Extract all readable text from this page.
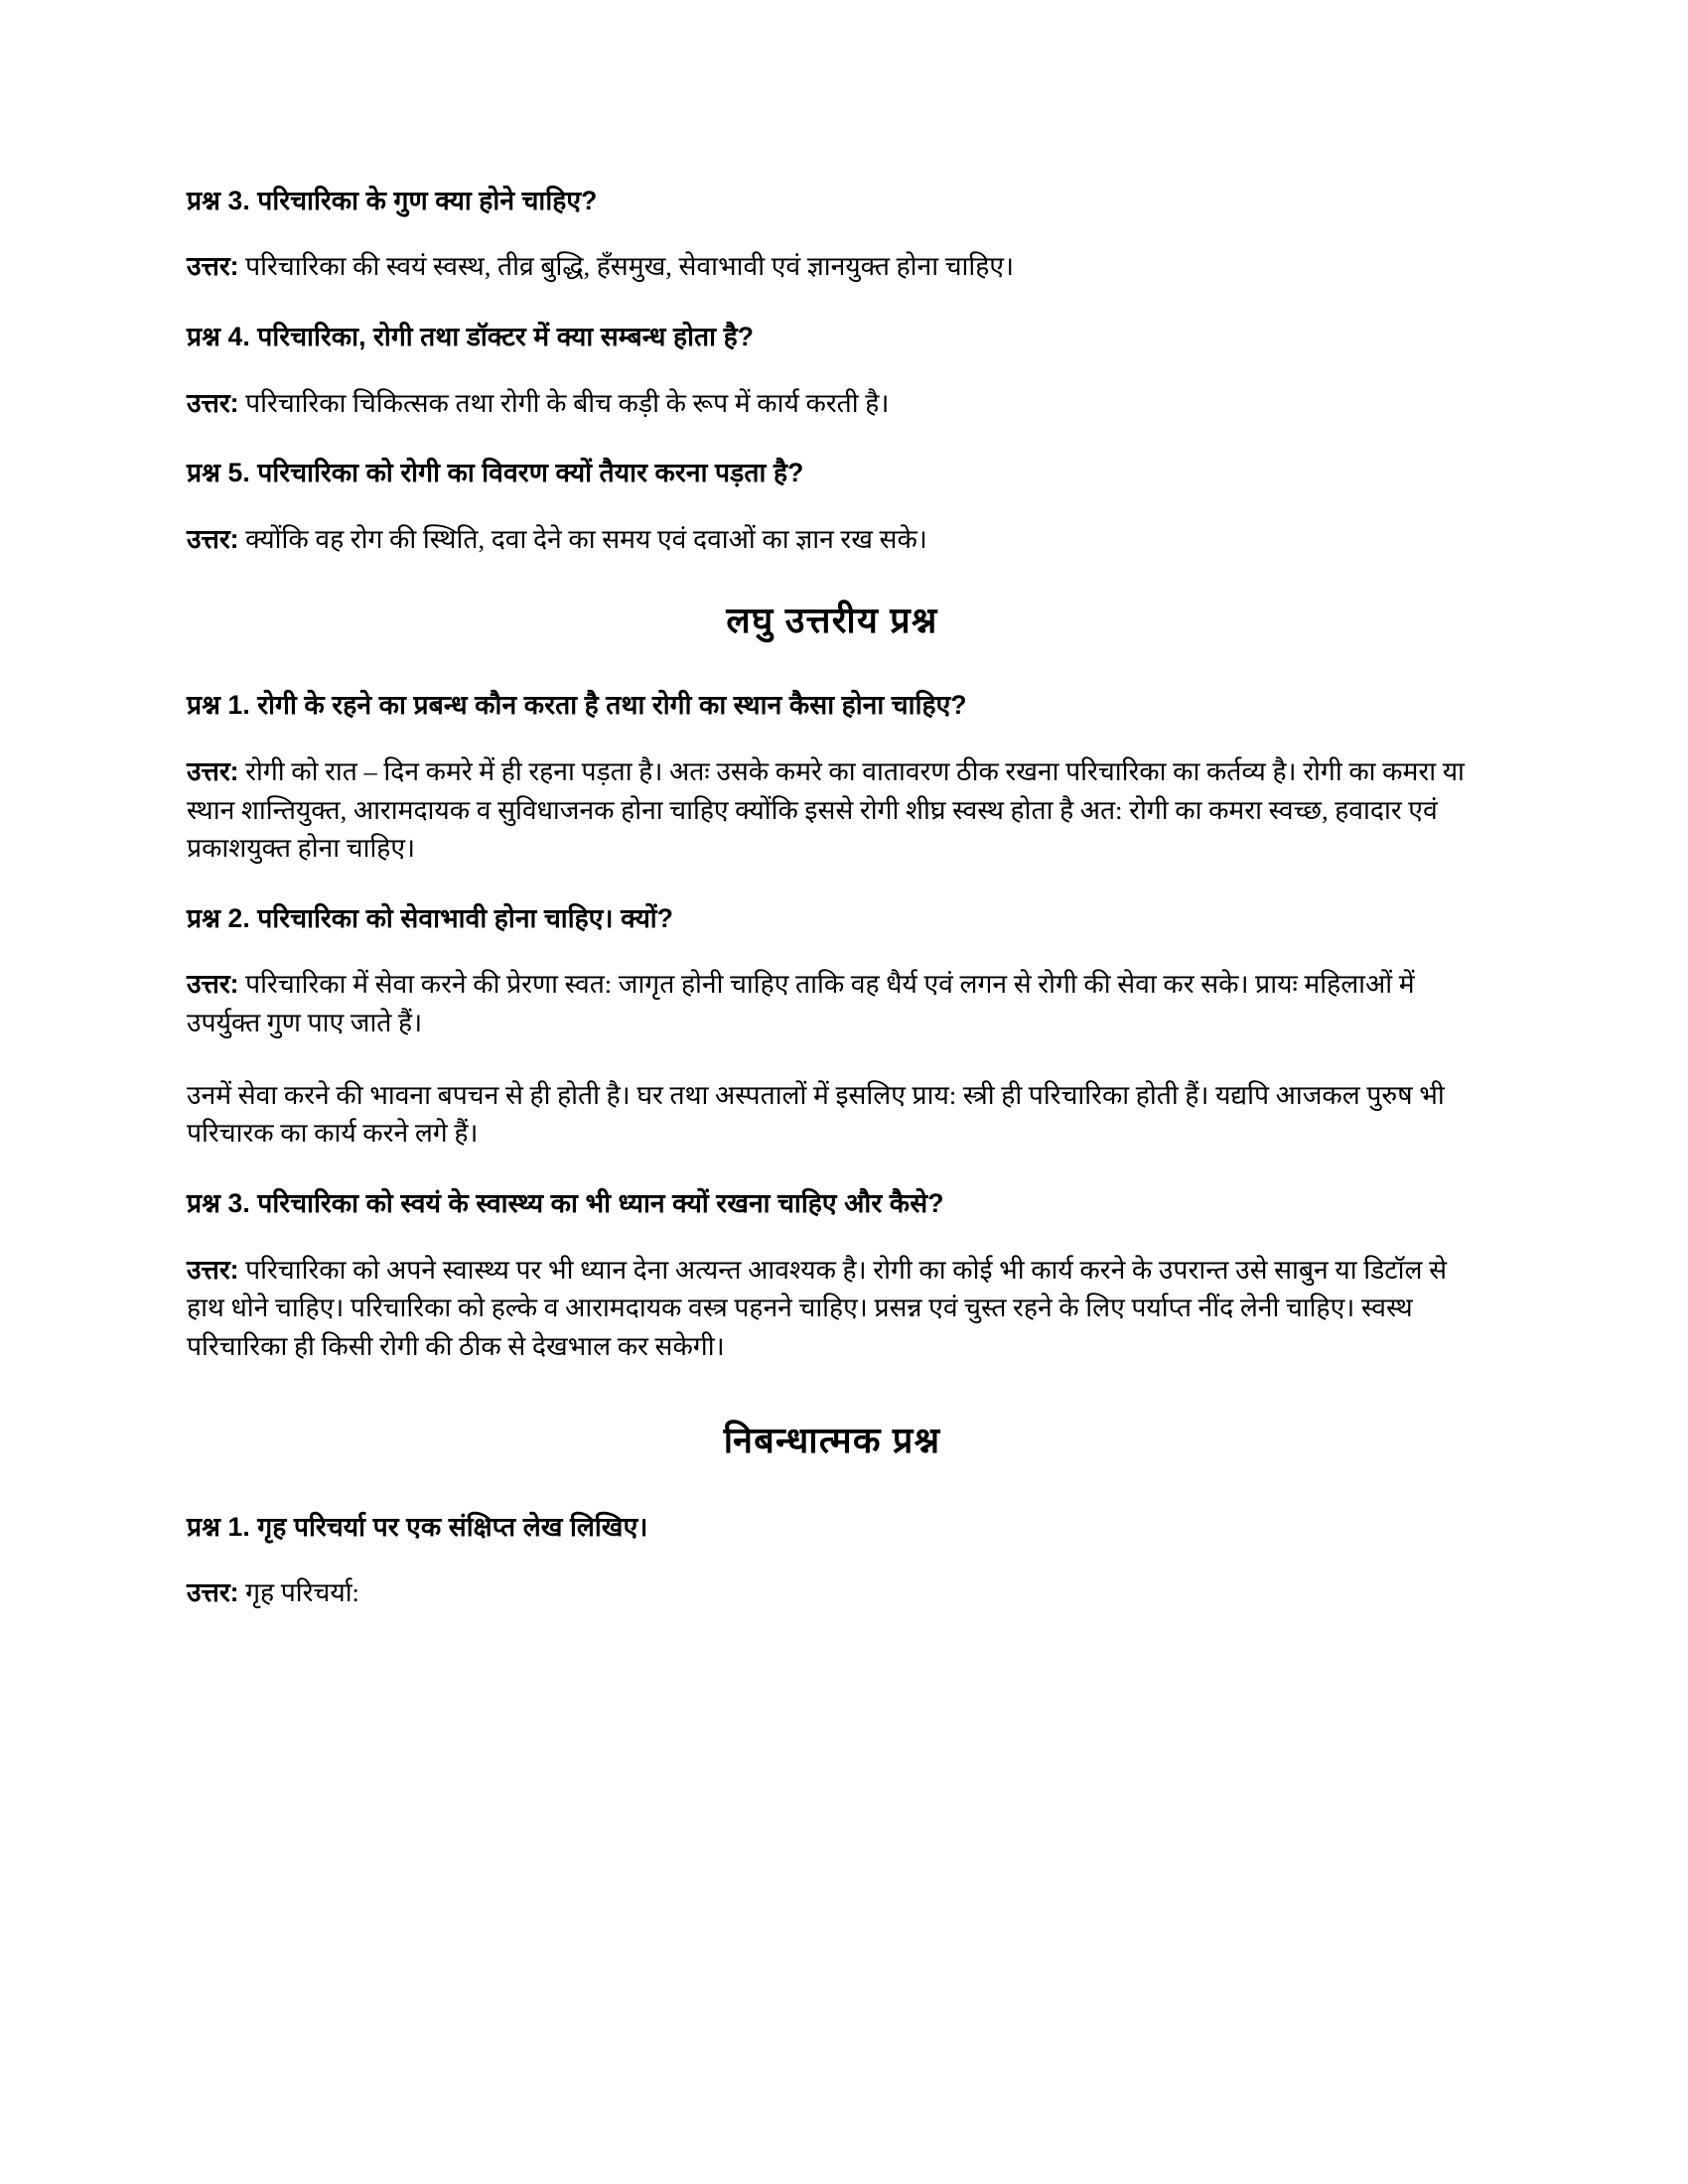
प्रश्न 3. परिचारिका के गुण क्या होने चाहिए?

उत्तर: परिचारिका की स्वयं स्वस्थ, तीव्र बुद्धि, हँसमुख, सेवाभावी एवं ज्ञानयुक्त होना चाहिए।

प्रश्न 4. परिचारिका, रोगी तथा डॉक्टर में क्या सम्बन्ध होता है?

उत्तर: परिचारिका चिकित्सक तथा रोगी के बीच कड़ी के रूप में कार्य करती है।

प्रश्न 5. परिचारिका को रोगी का विवरण क्यों तैयार करना पड़ता है?

उत्तर: क्योंकि वह रोग की स्थिति, दवा देने का समय एवं दवाओं का ज्ञान रख सके।

लघु उत्तरीय प्रश्न

प्रश्न 1. रोगी के रहने का प्रबन्ध कौन करता है तथा रोगी का स्थान कैसा होना चाहिए?

उत्तर: रोगी को रात – दिन कमरे में ही रहना पड़ता है। अतः उसके कमरे का वातावरण ठीक रखना परिचारिका का कर्तव्य है। रोगी का कमरा या स्थान शान्तियुक्त, आरामदायक व सुविधाजनक होना चाहिए क्योंकि इससे रोगी शीघ्र स्वस्थ होता है अत: रोगी का कमरा स्वच्छ, हवादार एवं प्रकाशयुक्त होना चाहिए।

प्रश्न 2. परिचारिका को सेवाभावी होना चाहिए। क्यों?

उत्तर: परिचारिका में सेवा करने की प्रेरणा स्वत: जागृत होनी चाहिए ताकि वह धैर्य एवं लगन से रोगी की सेवा कर सके। प्रायः महिलाओं में उपर्युक्त गुण पाए जाते हैं।

उनमें सेवा करने की भावना बपचन से ही होती है। घर तथा अस्पतालों में इसलिए प्राय: स्त्री ही परिचारिका होती हैं। यद्यपि आजकल पुरुष भी परिचारक का कार्य करने लगे हैं।

प्रश्न 3. परिचारिका को स्वयं के स्वास्थ्य का भी ध्यान क्यों रखना चाहिए और कैसे?

उत्तर: परिचारिका को अपने स्वास्थ्य पर भी ध्यान देना अत्यन्त आवश्यक है। रोगी का कोई भी कार्य करने के उपरान्त उसे साबुन या डिटॉल से हाथ धोने चाहिए। परिचारिका को हल्के व आरामदायक वस्त्र पहनने चाहिए। प्रसन्न एवं चुस्त रहने के लिए पर्याप्त नींद लेनी चाहिए। स्वस्थ परिचारिका ही किसी रोगी की ठीक से देखभाल कर सकेगी।

निबन्धात्मक प्रश्न

प्रश्न 1. गृह परिचर्या पर एक संक्षिप्त लेख लिखिए।

उत्तर: गृह परिचर्या:
